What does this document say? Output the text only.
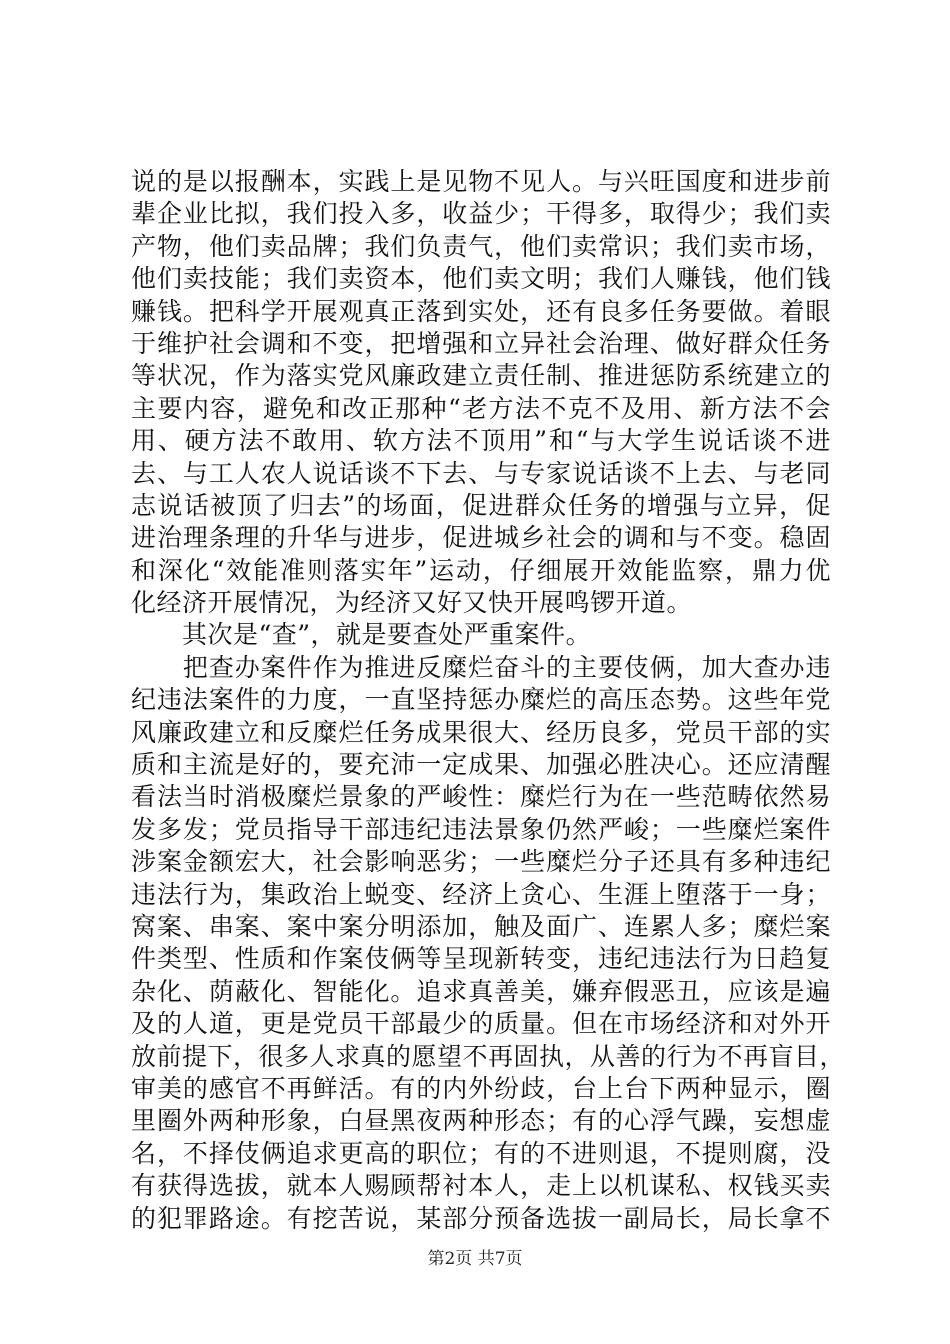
说的是以报酬本，实践上是见物不见人。与兴旺国度和进步前
辈企业比拟，我们投入多，收益少；干得多，取得少；我们卖
产物，他们卖品牌；我们负责气，他们卖常识；我们卖市场，
他们卖技能；我们卖资本，他们卖文明；我们人赚钱，他们钱
赚钱。把科学开展观真正落到实处，还有良多任务要做。着眼
于维护社会调和不变，把增强和立异社会治理、做好群众任务
等状况，作为落实党风廉政建立责任制、推进惩防系统建立的
主要内容，避免和改正那种“老方法不克不及用、新方法不会
用、硬方法不敢用、软方法不顶用”和“与大学生说话谈不进
去、与工人农人说话谈不下去、与专家说话谈不上去、与老同
志说话被顶了归去”的场面，促进群众任务的增强与立异，促
进治理条理的升华与进步，促进城乡社会的调和与不变。稳固
和深化“效能准则落实年”运动，仔细展开效能监察，鼎力优
化经济开展情况，为经济又好又快开展鸣锣开道。
　　其次是“查”，就是要查处严重案件。
　　把查办案件作为推进反糜烂奋斗的主要伎俩，加大查办违
纪违法案件的力度，一直坚持惩办糜烂的高压态势。这些年党
风廉政建立和反糜烂任务成果很大、经历良多，党员干部的实
质和主流是好的，要充沛一定成果、加强必胜决心。还应清醒
看法当时消极糜烂景象的严峻性：糜烂行为在一些范畴依然易
发多发；党员指导干部违纪违法景象仍然严峻；一些糜烂案件
涉案金额宏大，社会影响恶劣；一些糜烂分子还具有多种违纪
违法行为，集政治上蜕变、经济上贪心、生涯上堕落于一身；
窝案、串案、案中案分明添加，触及面广、连累人多；糜烂案
件类型、性质和作案伎俩等呈现新转变，违纪违法行为日趋复
杂化、荫蔽化、智能化。追求真善美，嫌弃假恶丑，应该是遍
及的人道，更是党员干部最少的质量。但在市场经济和对外开
放前提下，很多人求真的愿望不再固执，从善的行为不再盲目，
审美的感官不再鲜活。有的内外纷歧，台上台下两种显示，圈
里圈外两种形象，白昼黑夜两种形态；有的心浮气躁，妄想虚
名，不择伎俩追求更高的职位；有的不进则退，不提则腐，没
有获得选拔，就本人赐顾帮衬本人，走上以机谋私、权钱买卖
的犯罪路途。有挖苦说，某部分预备选拔一副局长，局长拿不
第2页 共7页
